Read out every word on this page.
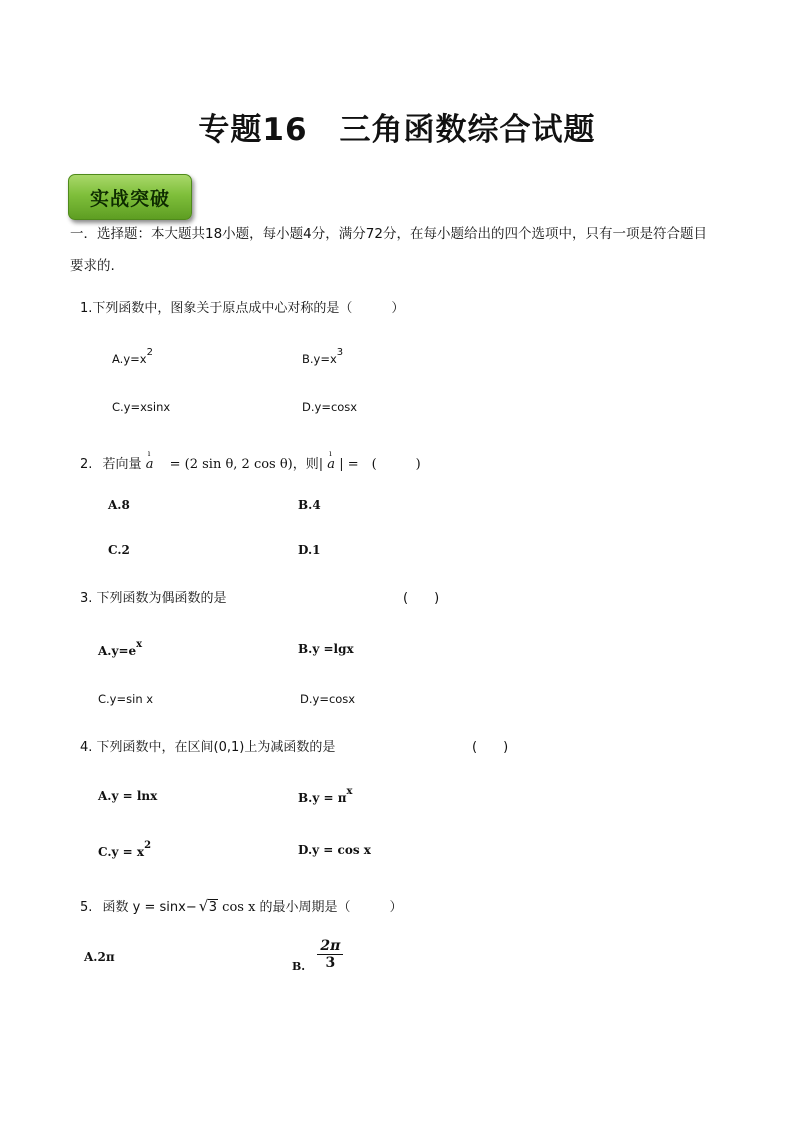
专题16　三角函数综合试题
实战突破
一．选择题：本大题共18小题，每小题4分，满分72分，在每小题给出的四个选项中，只有一项是符合题目
要求的.
1.下列函数中，图象关于原点成中心对称的是（　　　）
$A.y=x^2$	$B.y=x^3$
C.y=xsinx	D.y=cosx
2. 若向量
ı
a = (2 sin θ, 2 cos θ)，则|
ı
a | =　(　　　)
A.8	B.4
C.2	D.1
3. 下列函数为偶函数的是	(　　)
$A.y=e^x$	B.y =lgx
C.y=sin x	D.y=cosx
4. 下列函数中，在区间(0,1)上为减函数的是	(　　)
A.y = lnx	$B.y = \pi^x$
$C.y = x^2$	D.y = cos x
5. 函数 y = sinx−√ 3 cos x 的最小周期是（　　　）
A.2π
B. $\frac{2\pi}{3}$
